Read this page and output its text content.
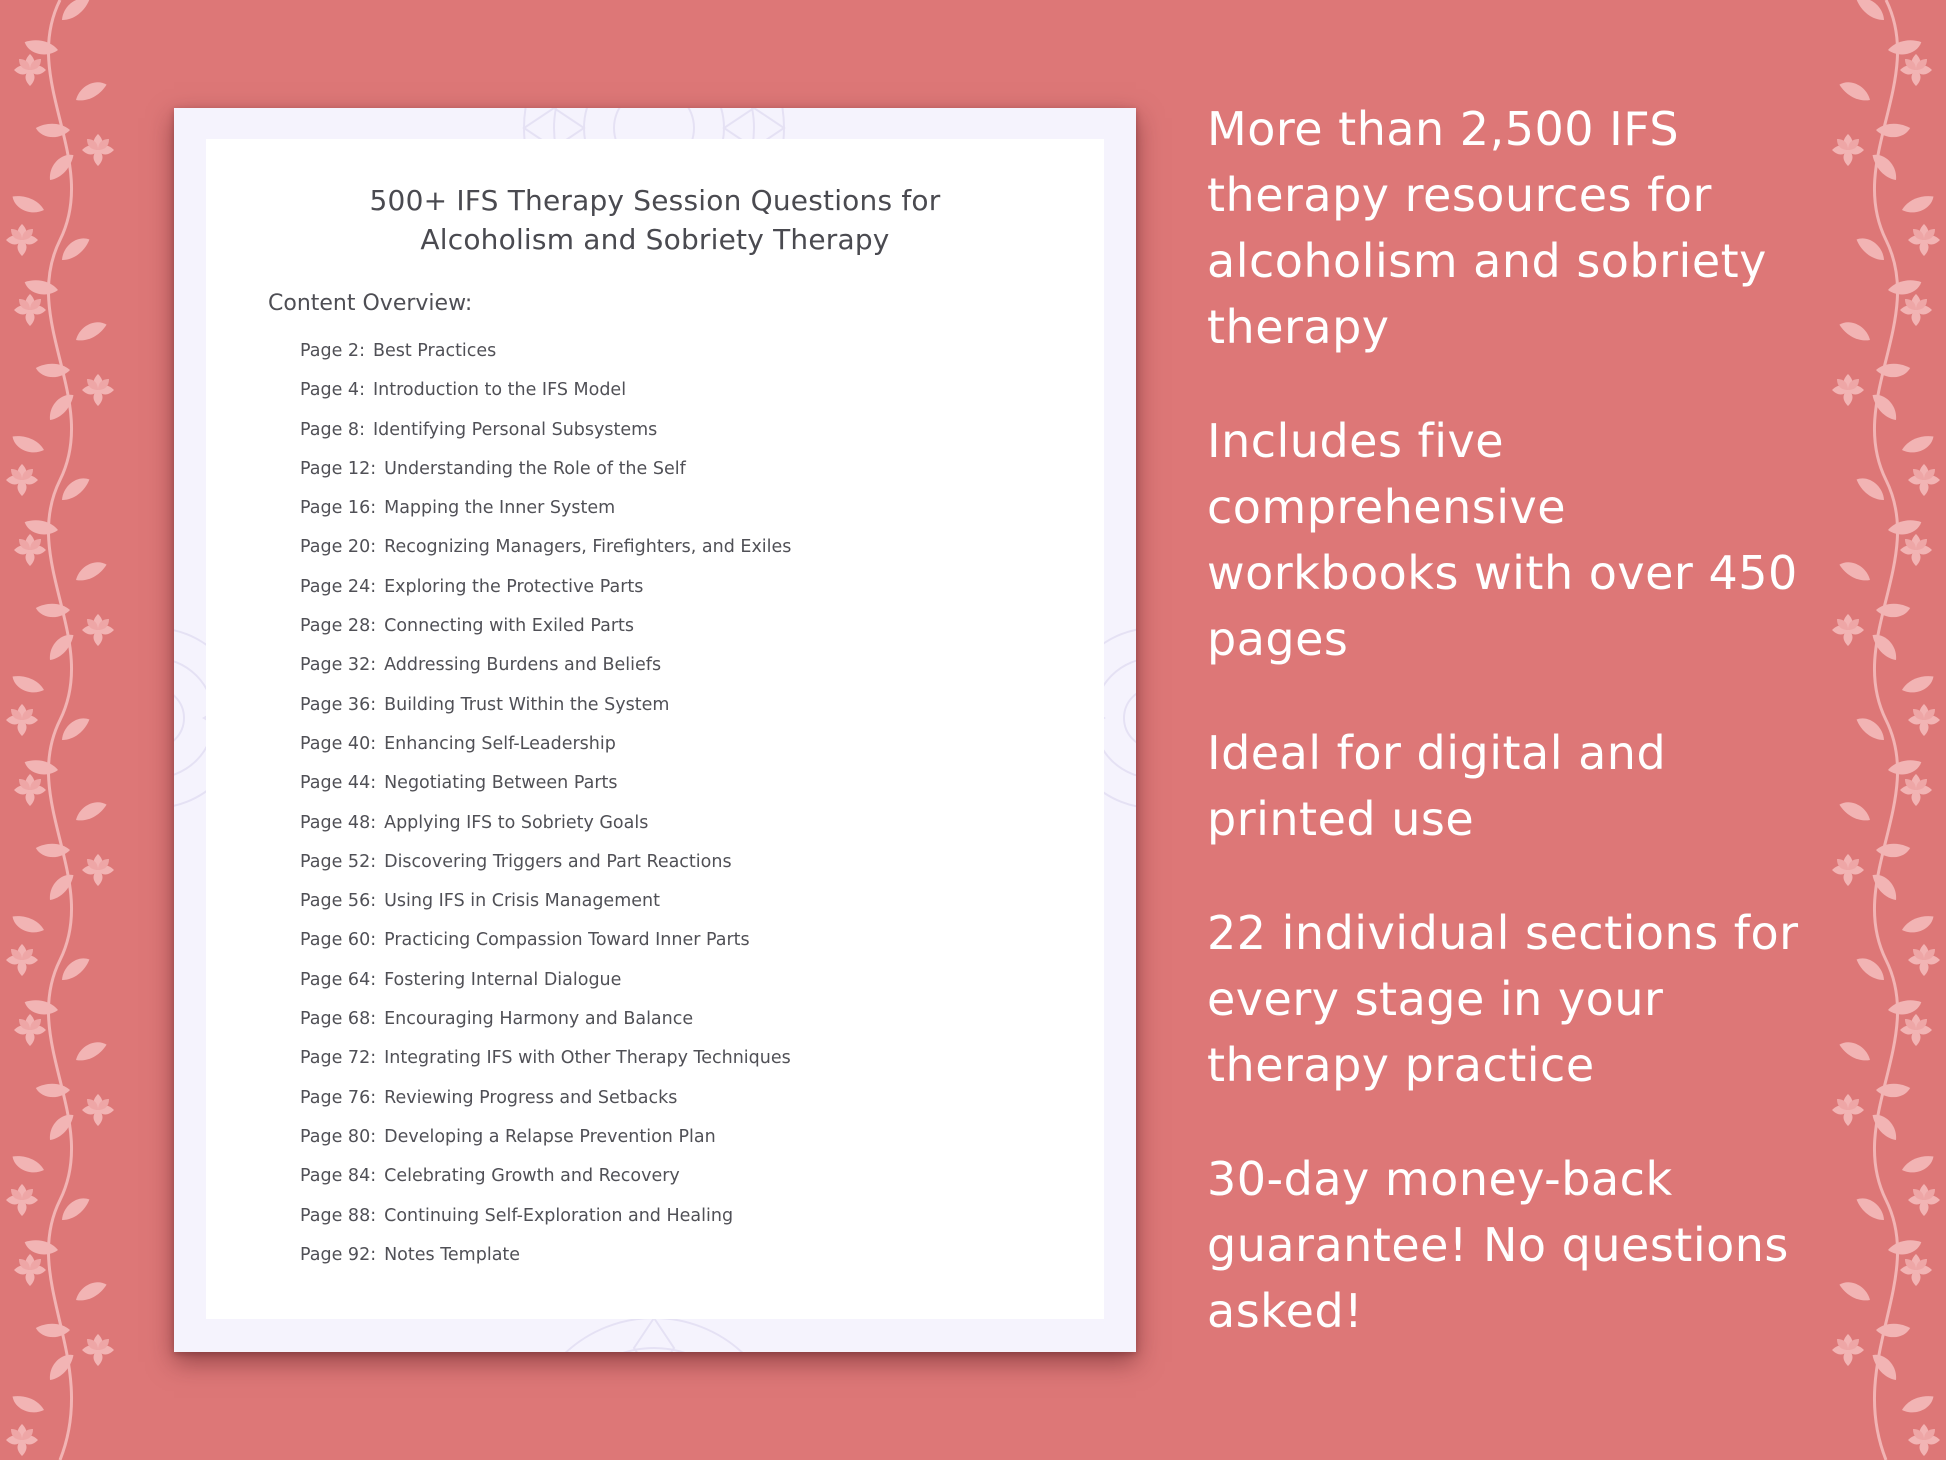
500+ IFS Therapy Session Questions for
Alcoholism and Sobriety Therapy
Content Overview:
Page 2: Best Practices
Page 4: Introduction to the IFS Model
Page 8: Identifying Personal Subsystems
Page 12: Understanding the Role of the Self
Page 16: Mapping the Inner System
Page 20: Recognizing Managers, Firefighters, and Exiles
Page 24: Exploring the Protective Parts
Page 28: Connecting with Exiled Parts
Page 32: Addressing Burdens and Beliefs
Page 36: Building Trust Within the System
Page 40: Enhancing Self-Leadership
Page 44: Negotiating Between Parts
Page 48: Applying IFS to Sobriety Goals
Page 52: Discovering Triggers and Part Reactions
Page 56: Using IFS in Crisis Management
Page 60: Practicing Compassion Toward Inner Parts
Page 64: Fostering Internal Dialogue
Page 68: Encouraging Harmony and Balance
Page 72: Integrating IFS with Other Therapy Techniques
Page 76: Reviewing Progress and Setbacks
Page 80: Developing a Relapse Prevention Plan
Page 84: Celebrating Growth and Recovery
Page 88: Continuing Self-Exploration and Healing
Page 92: Notes Template

More than 2,500 IFS therapy resources for alcoholism and sobriety therapy

Includes five comprehensive workbooks with over 450 pages

Ideal for digital and printed use

22 individual sections for every stage in your therapy practice

30-day money-back guarantee! No questions asked!
